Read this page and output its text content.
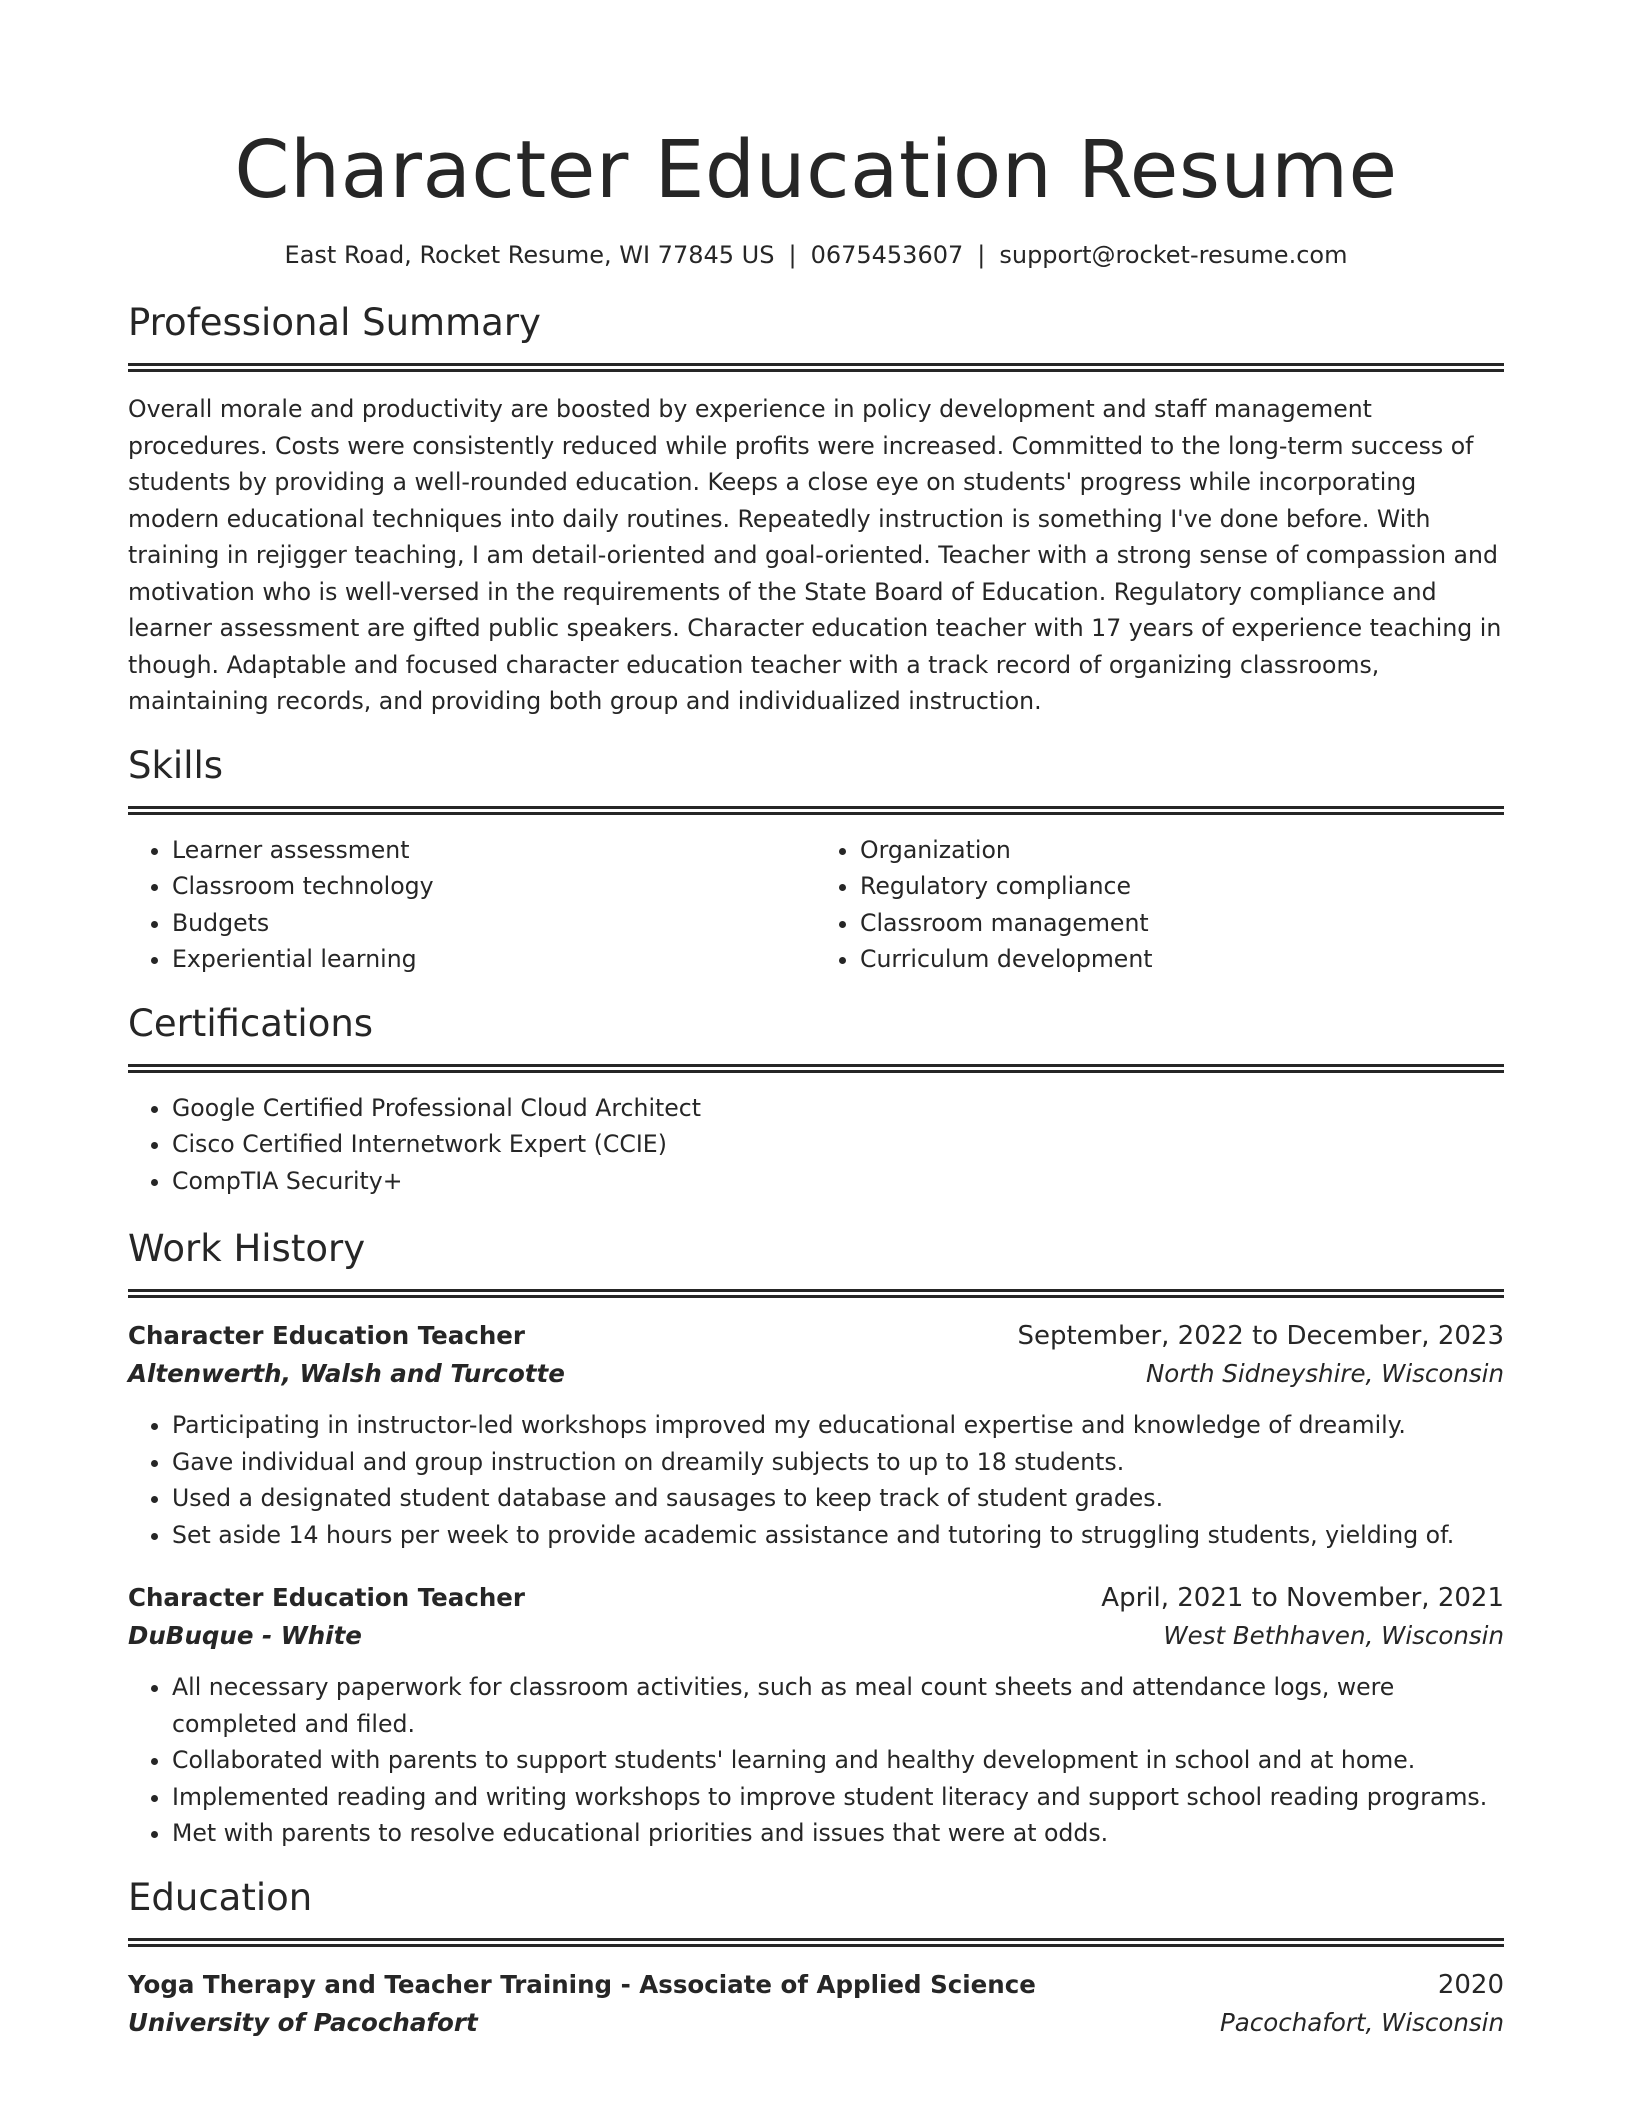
Character Education Resume
East Road, Rocket Resume, WI 77845 US | 0675453607 | support@rocket-resume.com
Professional Summary

Overall morale and productivity are boosted by experience in policy development and staff management procedures. Costs were consistently reduced while profits were increased. Committed to the long-term success of students by providing a well-rounded education. Keeps a close eye on students' progress while incorporating modern educational techniques into daily routines. Repeatedly instruction is something I've done before. With training in rejigger teaching, I am detail-oriented and goal-oriented. Teacher with a strong sense of compassion and motivation who is well-versed in the requirements of the State Board of Education. Regulatory compliance and learner assessment are gifted public speakers. Character education teacher with 17 years of experience teaching in though. Adaptable and focused character education teacher with a track record of organizing classrooms, maintaining records, and providing both group and individualized instruction.

Skills
• Learner assessment
• Classroom technology
• Budgets
• Experiential learning
• Organization
• Regulatory compliance
• Classroom management
• Curriculum development
Certifications
• Google Certified Professional Cloud Architect
• Cisco Certified Internetwork Expert (CCIE)
• CompTIA Security+
Work History
Character Education Teacher	September, 2022 to December, 2023
Altenwerth, Walsh and Turcotte	North Sidneyshire, Wisconsin
• Participating in instructor-led workshops improved my educational expertise and knowledge of dreamily.
• Gave individual and group instruction on dreamily subjects to up to 18 students.
• Used a designated student database and sausages to keep track of student grades.
• Set aside 14 hours per week to provide academic assistance and tutoring to struggling students, yielding of.
Character Education Teacher	April, 2021 to November, 2021
DuBuque - White	West Bethhaven, Wisconsin
• All necessary paperwork for classroom activities, such as meal count sheets and attendance logs, were completed and filed.
• Collaborated with parents to support students' learning and healthy development in school and at home.
• Implemented reading and writing workshops to improve student literacy and support school reading programs.
• Met with parents to resolve educational priorities and issues that were at odds.
Education
Yoga Therapy and Teacher Training - Associate of Applied Science	2020
University of Pacochafort	Pacochafort, Wisconsin
